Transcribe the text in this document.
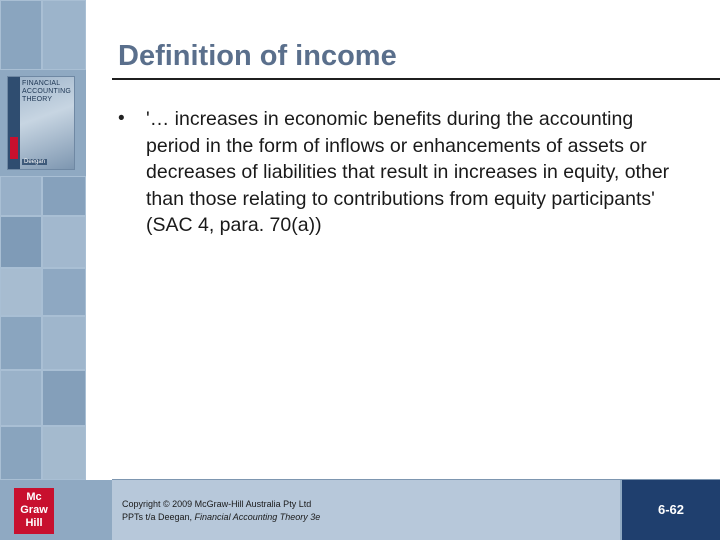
FINANCIAL ACCOUNTING THEORY
Deegan
Mc
Graw
Hill
Definition of income
• '… increases in economic benefits during the accounting period in the form of inflows or enhancements of assets or decreases of liabilities that result in increases in equity, other than those relating to contributions from equity participants' (SAC 4, para. 70(a))

Copyright © 2009 McGraw-Hill Australia Pty Ltd
PPTs t/a Deegan, Financial Accounting Theory 3e	6-62
